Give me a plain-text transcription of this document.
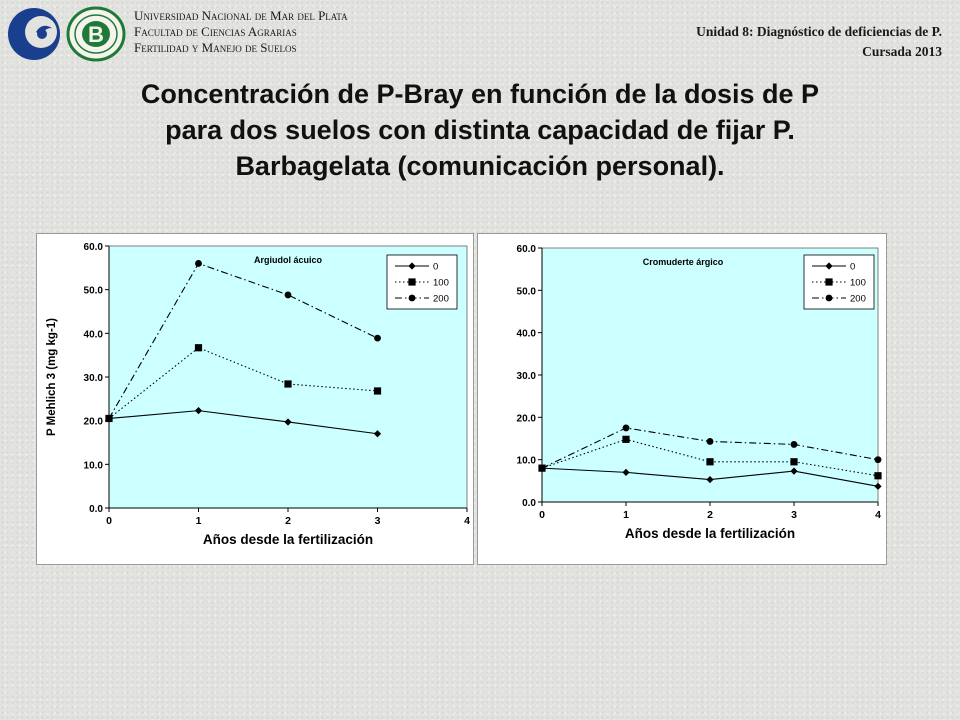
B
Universidad Nacional de Mar del Plata
Facultad de Ciencias Agrarias
Fertilidad y Manejo de Suelos
Unidad 8: Diagnóstico de deficiencias de P.
Cursada 2013
Concentración de P-Bray en función de la dosis de P
para dos suelos con distinta capacidad de fijar P.
Barbagelata (comunicación personal).
0.0
10.0
20.0
30.0
40.0
50.0
60.0
0	1	2	3	4
Años desde la fertilización
P Mehlich 3 (mg kg-1)
Argiudol ácuico
0
100
200
0.0
10.0
20.0
30.0
40.0
50.0
60.0
0	1	2	3	4
Años desde la fertilización
Cromuderte árgico	0
100
200
